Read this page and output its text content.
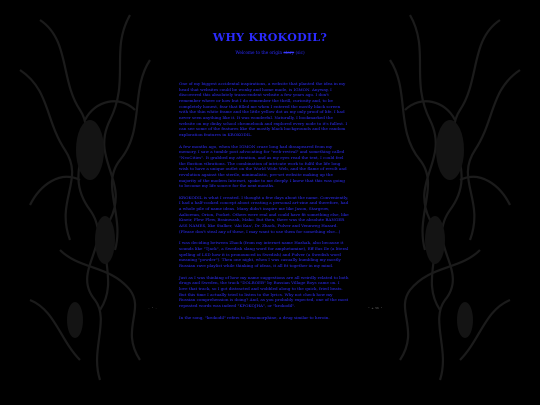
- ° -	° ± 56 °
WHY KROKODIL?
Welcome to the origin story (sic)

One of my biggest accidental inspirations, a website that planted the idea in my head that websites could be wonky and home made, is IGMON. Anyway, I discovered this absolutely transcendent website a few years ago. I don't remember where or how but I do remember the thrill, curiosity and, to be completely honest, fear that filled me when I entered the mostly black screen with the thin white frame and the little yellow dot as my only proof of life. I had never seen anything like it. It was wonderful. Naturally, I bookmarked the website on my dinky school chromebook and explored every node to it's fullest. I can see some of the features like the mostly black backgrounds and the random exploration features in KROKODIL.

A few months ago, when the IGMON craze long had dissapeared from my memory, I saw a tumblr post advocating for "web-revival" and something called "NeoCities". It grabbed my attention, and as my eyes read the text, I could feel the flustion vibrations. The combination of intricate work to fulfil the life long wish to have a unique outlet on the World Wide Web, and the flame of revolt and revolution against the sterile, minimalistic, pre-set website making up the majority of the modern Internet, spoke to me deeply. I knew that this was going to become my life source for the next months.

KROKODIL is what I created. I thought a few days about the name. Conveniently, I had a half-cooked concept about creating a personal art-zine and therefore, had a whole pile of name ideas. Many didn't inspire me like Jason, Stargrow, Aaliorean, Orion, Pocket. Others were real and could have fit something else, like Kineir, Flew Flew, Brainwash, Mako. But then, there was the absolute BANGER ASS NAMES, like Stalker, 'Aki Kaa', Dr. Zhack, Fulver and Vennweg Hazard. (Please don't steal any of these, I may want to use them for something else...)

I was deciding between Zhack (from my internet name Hazhak, also because it sounds like "Tjack", a Swedish slang word for amphetamine), Eff Eas Ile (a literal spelling of LSD how it is pronounced in Swedish) and Fulver (a Swedish word meaning "powder"). Then one night, when I was casually bumbling my mostly Russian rave playlist while thinking of ideas, it all fit together in my mind.

Just as I was thinking of how my name suggestions are all weirdly related to both drugs and Sweden, the track "DOLBOEB" by Russian Village Boys came on. I love that track, so I got distracted and wobbled along to the quick, fried beats. But this time I actually tried to listen to the lyrics. Why not check how my Russian comprehension is doing? And, as you probably expected, one of the most repeated words was indeed "KPOKOJHA", or "krokodil".

In the song, "krokodil" refers to Desomorphine, a drug similar to heroin.
